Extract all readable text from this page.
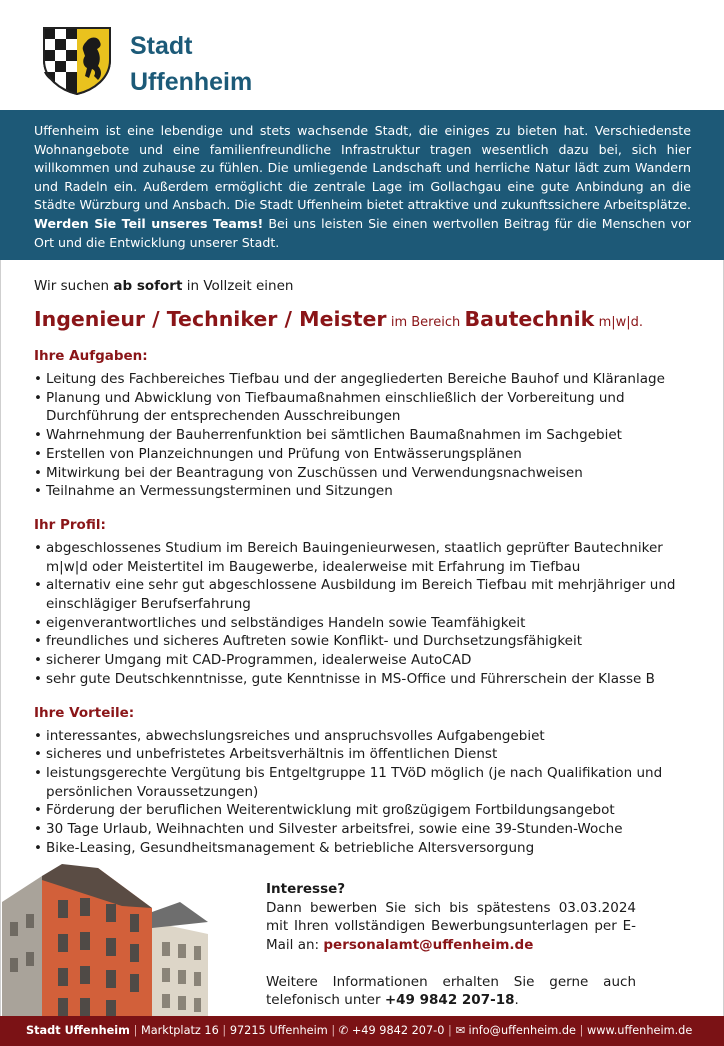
Stadt
Uffenheim
Uffenheim ist eine lebendige und stets wachsende Stadt, die einiges zu bieten hat. Verschiedenste Wohnangebote und eine familienfreundliche Infrastruktur tragen wesentlich dazu bei, sich hier willkommen und zuhause zu fühlen. Die umliegende Landschaft und herrliche Natur lädt zum Wandern und Radeln ein. Außerdem ermöglicht die zentrale Lage im Gollachgau eine gute Anbindung an die Städte Würzburg und Ansbach. Die Stadt Uffenheim bietet attraktive und zukunftssichere Arbeitsplätze. Werden Sie Teil unseres Teams! Bei uns leisten Sie einen wertvollen Beitrag für die Menschen vor Ort und die Entwicklung unserer Stadt.

Wir suchen ab sofort in Vollzeit einen

Ingenieur / Techniker / Meister im Bereich Bautechnik m|w|d.

Ihre Aufgaben:

• Leitung des Fachbereiches Tiefbau und der angegliederten Bereiche Bauhof und Kläranlage
• Planung und Abwicklung von Tiefbaumaßnahmen einschließlich der Vorbereitung und Durchführung der entsprechenden Ausschreibungen
• Wahrnehmung der Bauherrenfunktion bei sämtlichen Baumaßnahmen im Sachgebiet
• Erstellen von Planzeichnungen und Prüfung von Entwässerungsplänen
• Mitwirkung bei der Beantragung von Zuschüssen und Verwendungsnachweisen
• Teilnahme an Vermessungsterminen und Sitzungen

Ihr Profil:

• abgeschlossenes Studium im Bereich Bauingenieurwesen, staatlich geprüfter Bautechniker m|w|d oder Meistertitel im Baugewerbe, idealerweise mit Erfahrung im Tiefbau
• alternativ eine sehr gut abgeschlossene Ausbildung im Bereich Tiefbau mit mehrjähriger und einschlägiger Berufserfahrung
• eigenverantwortliches und selbständiges Handeln sowie Teamfähigkeit
• freundliches und sicheres Auftreten sowie Konflikt- und Durchsetzungsfähigkeit
• sicherer Umgang mit CAD-Programmen, idealerweise AutoCAD
• sehr gute Deutschkenntnisse, gute Kenntnisse in MS-Office und Führerschein der Klasse B

Ihre Vorteile:

• interessantes, abwechslungsreiches und anspruchsvolles Aufgabengebiet
• sicheres und unbefristetes Arbeitsverhältnis im öffentlichen Dienst
• leistungsgerechte Vergütung bis Entgeltgruppe 11 TVöD möglich (je nach Qualifikation und persönlichen Voraussetzungen)
• Förderung der beruflichen Weiterentwicklung mit großzügigem Fortbildungsangebot
• 30 Tage Urlaub, Weihnachten und Silvester arbeitsfrei, sowie eine 39-Stunden-Woche
• Bike-Leasing, Gesundheitsmanagement & betriebliche Altersversorgung
Interesse?
Dann bewerben Sie sich bis spätestens 03.03.2024 mit Ihren vollständigen Bewerbungsunterlagen per E-Mail an: personalamt@uffenheim.de

Weitere Informationen erhalten Sie gerne auch telefonisch unter +49 9842 207-18.
Stadt Uffenheim | Marktplatz 16 | 97215 Uffenheim | ✆ +49 9842 207-0 | ✉ info@uffenheim.de | www.uffenheim.de
